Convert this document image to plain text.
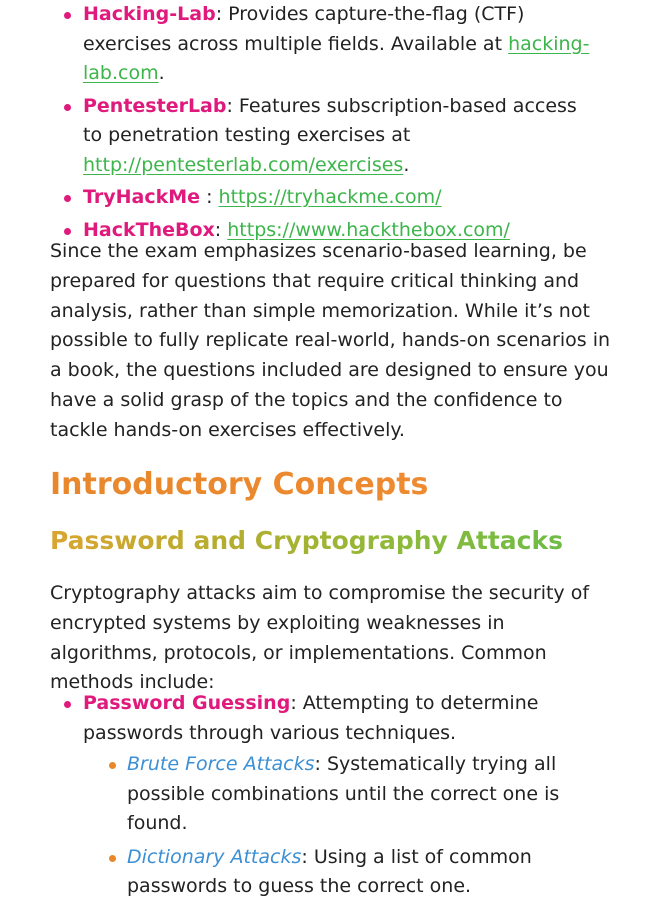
Hacking-Lab: Provides capture-the-flag (CTF) exercises across multiple fields. Available at hacking-lab.com.
PentesterLab: Features subscription-based access to penetration testing exercises at http://pentesterlab.com/exercises.
TryHackMe : https://tryhackme.com/
HackTheBox: https://www.hackthebox.com/

Since the exam emphasizes scenario-based learning, be prepared for questions that require critical thinking and analysis, rather than simple memorization. While it’s not possible to fully replicate real-world, hands-on scenarios in a book, the questions included are designed to ensure you have a solid grasp of the topics and the confidence to tackle hands-on exercises effectively.

Introductory Concepts
Password and Cryptography Attacks

Cryptography attacks aim to compromise the security of encrypted systems by exploiting weaknesses in algorithms, protocols, or implementations. Common methods include:

Password Guessing: Attempting to determine passwords through various techniques.
Brute Force Attacks: Systematically trying all possible combinations until the correct one is found.
Dictionary Attacks: Using a list of common passwords to guess the correct one.
